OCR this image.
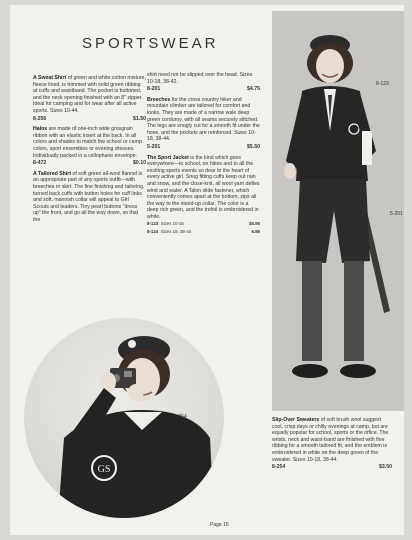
SPORTSWEAR

A Sweat Shirt of green and white cotton mixture, fleece lined, is trimmed with solid green ribbing at cuffs and waistband. The pocket is buttoned, and the neck opening finished with an 8" zipper. Ideal for camping and for wear after all active sports. Sizes 10-44.
8-256	$1.50

Halos are made of one-inch wide grosgrain ribbon with an elastic insert at the back. In all colors and shades to match the school or camp colors, sport ensembles or evening dresses. Individually packed in a cellophane envelope.
8-472	$0.10

A Tailored Shirt of soft green all-wool flannel is an appropriate part of any sports outfit—with breeches or skirt. The fine finishing and tailoring, turned back cuffs with button holes for cuff links and soft, mannish collar will appeal to Girl Scouts and leaders. Tiny pearl buttons "dress up" the front, and go all the way down, so that the

shirt need not be slipped over the head. Sizes 10-18, 38-42.
8-201	$4.75

Breeches for the cross country hiker and mountain climber are tailored for comfort and looks. They are made of a narrow wale deep green corduroy, with all seams securely stitched. The legs are snugly cut for a smooth fit under the hose, and the pockets are reinforced. Sizes 10-18, 38-44.
5-201	$5.50

The Sport Jacket is the kind which goes everywhere—to school, on hikes and to all the exciting sports events so dear to the heart of every active girl. Snug fitting cuffs keep out rain and snow, and the close-knit, all wool yarn defies wind and water. A Talon slide fastener, which conveniently comes apart at the bottom, zips all the way to the stand-up collar. The color is a deep rich green, and the trefoil is embroidered in white.
8-123 Sizes 10-16	$5.95
8-124 Sizes 18, 38-44	6.95

8-123
5-201
GS
8-254	Slip-Over Sweaters of soft brush wool suggest cool, crisp days or chilly evenings at camp, but are equally popular for school, sports or the office. The wrists, neck and waist-band are finished with fine ribbing for a smooth tailored fit, and the emblem is embroidered in white on the deep green of the sweater. Sizes 10-18, 38-44.
8-254	$3.50
Page 15
